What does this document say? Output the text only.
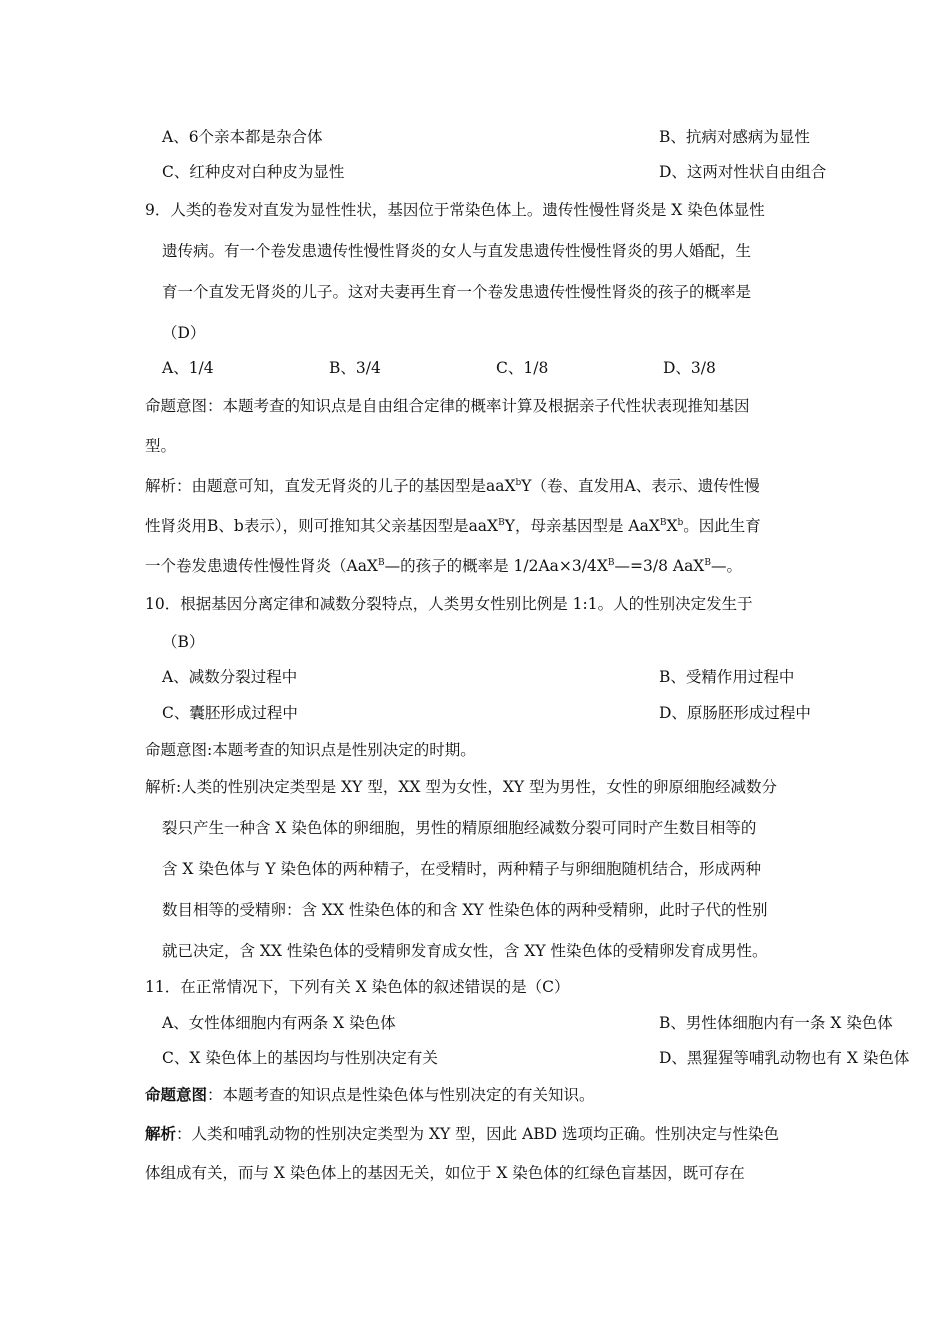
A、6个亲本都是杂合体	B、抗病对感病为显性
C、红种皮对白种皮为显性	D、这两对性状自由组合
9．人类的卷发对直发为显性性状，基因位于常染色体上。遗传性慢性肾炎是 X 染色体显性
遗传病。有一个卷发患遗传性慢性肾炎的女人与直发患遗传性慢性肾炎的男人婚配，生
育一个直发无肾炎的儿子。这对夫妻再生育一个卷发患遗传性慢性肾炎的孩子的概率是
（D）
A、1/4	B、3/4	C、1/8	D、3/8
命题意图：本题考查的知识点是自由组合定律的概率计算及根据亲子代性状表现推知基因
型。
解析：由题意可知，直发无肾炎的儿子的基因型是aaX$^b$Y（卷、直发用A、表示、遗传性慢
性肾炎用B、b表示），则可推知其父亲基因型是aaX$^B$Y，母亲基因型是 $AaX^BX^b$。因此生育
一个卷发患遗传性慢性肾炎（AaX$^B$—的孩子的概率是 $1/2Aa\times 3/4X^B—=3/8$ AaX$^B$—。
10．根据基因分离定律和减数分裂特点，人类男女性别比例是 1:1。人的性别决定发生于
（B）
A、减数分裂过程中	B、受精作用过程中
C、囊胚形成过程中	D、原肠胚形成过程中
命题意图:本题考查的知识点是性别决定的时期。
解析:人类的性别决定类型是 XY 型，XX 型为女性，XY 型为男性，女性的卵原细胞经减数分
裂只产生一种含 X 染色体的卵细胞，男性的精原细胞经减数分裂可同时产生数目相等的
含 X 染色体与 Y 染色体的两种精子，在受精时，两种精子与卵细胞随机结合，形成两种
数目相等的受精卵：含 XX 性染色体的和含 XY 性染色体的两种受精卵，此时子代的性别
就已决定，含 XX 性染色体的受精卵发育成女性，含 XY 性染色体的受精卵发育成男性。
11．在正常情况下，下列有关 X 染色体的叙述错误的是（C）
A、女性体细胞内有两条 X 染色体	B、男性体细胞内有一条 X 染色体
C、X 染色体上的基因均与性别决定有关	D、黑猩猩等哺乳动物也有 X 染色体
命题意图：本题考查的知识点是性染色体与性别决定的有关知识。
解析：人类和哺乳动物的性别决定类型为 XY 型，因此 ABD 选项均正确。性别决定与性染色
体组成有关，而与 X 染色体上的基因无关，如位于 X 染色体的红绿色盲基因，既可存在
